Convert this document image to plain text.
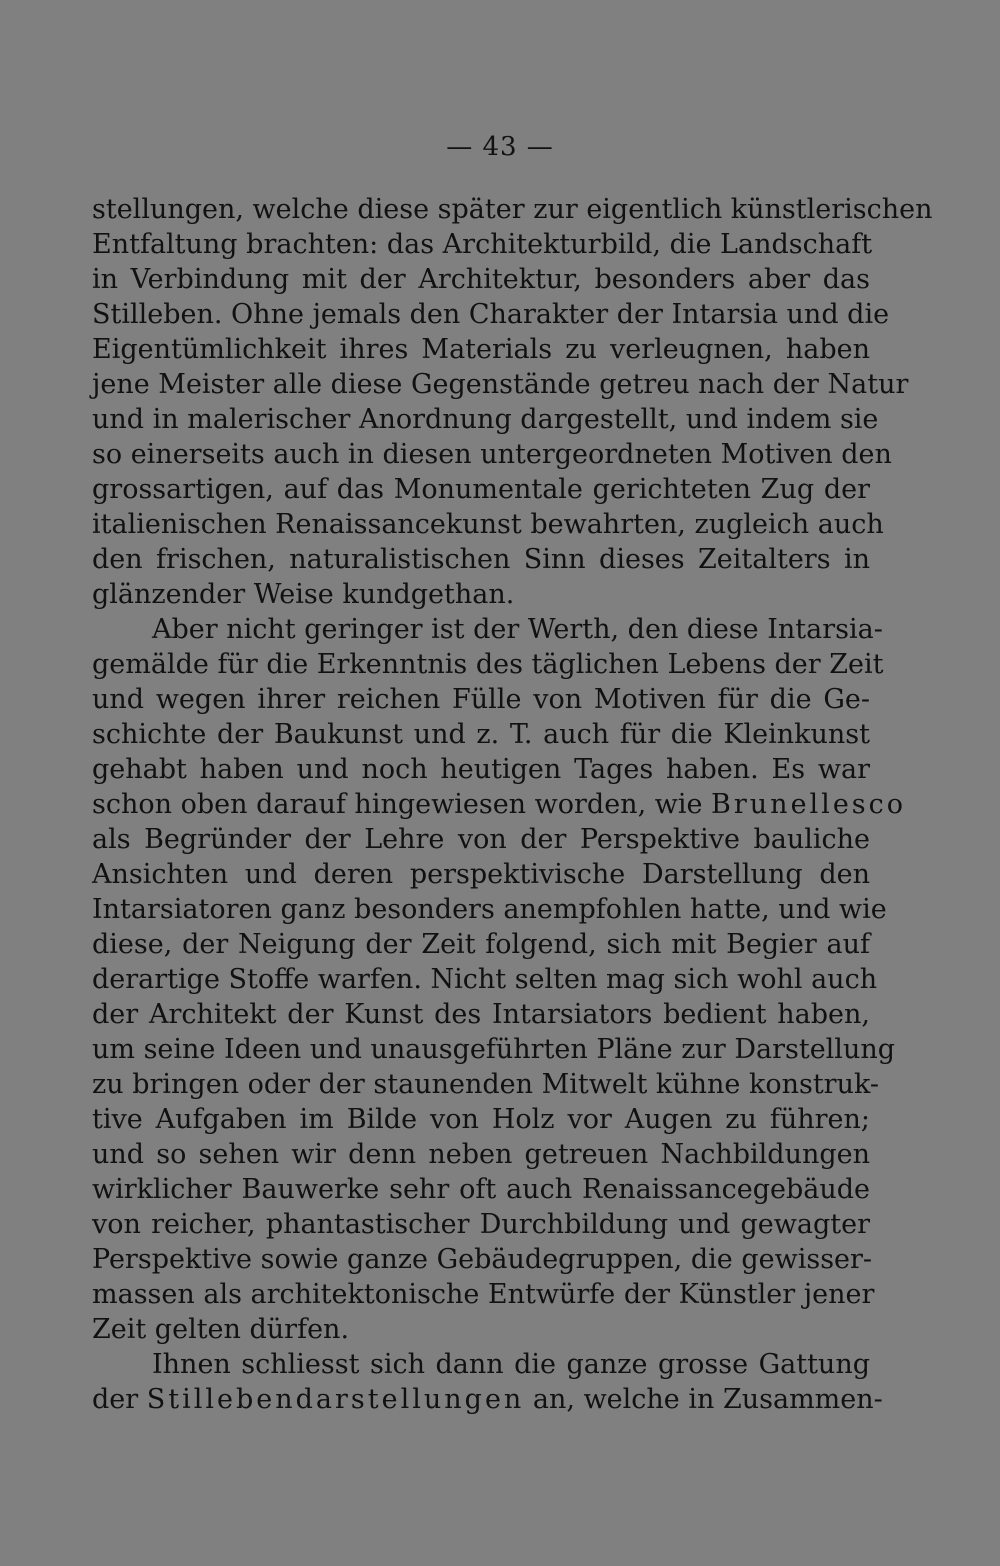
— 43 —
stellungen, welche diese später zur eigentlich künstlerischen
Entfaltung brachten: das Architekturbild, die Landschaft
in Verbindung mit der Architektur, besonders aber das
Stilleben. Ohne jemals den Charakter der Intarsia und die
Eigentümlichkeit ihres Materials zu verleugnen, haben
jene Meister alle diese Gegenstände getreu nach der Natur
und in malerischer Anordnung dargestellt, und indem sie
so einerseits auch in diesen untergeordneten Motiven den
grossartigen, auf das Monumentale gerichteten Zug der
italienischen Renaissancekunst bewahrten, zugleich auch
den frischen, naturalistischen Sinn dieses Zeitalters in
glänzender Weise kundgethan.
Aber nicht geringer ist der Werth, den diese Intarsia-
gemälde für die Erkenntnis des täglichen Lebens der Zeit
und wegen ihrer reichen Fülle von Motiven für die Ge-
schichte der Baukunst und z. T. auch für die Kleinkunst
gehabt haben und noch heutigen Tages haben. Es war
schon oben darauf hingewiesen worden, wie Brunellesco
als Begründer der Lehre von der Perspektive bauliche
Ansichten und deren perspektivische Darstellung den
Intarsiatoren ganz besonders anempfohlen hatte, und wie
diese, der Neigung der Zeit folgend, sich mit Begier auf
derartige Stoffe warfen. Nicht selten mag sich wohl auch
der Architekt der Kunst des Intarsiators bedient haben,
um seine Ideen und unausgeführten Pläne zur Darstellung
zu bringen oder der staunenden Mitwelt kühne konstruk-
tive Aufgaben im Bilde von Holz vor Augen zu führen;
und so sehen wir denn neben getreuen Nachbildungen
wirklicher Bauwerke sehr oft auch Renaissancegebäude
von reicher, phantastischer Durchbildung und gewagter
Perspektive sowie ganze Gebäudegruppen, die gewisser-
massen als architektonische Entwürfe der Künstler jener
Zeit gelten dürfen.
Ihnen schliesst sich dann die ganze grosse Gattung
der Stillebendarstellungen an, welche in Zusammen-
